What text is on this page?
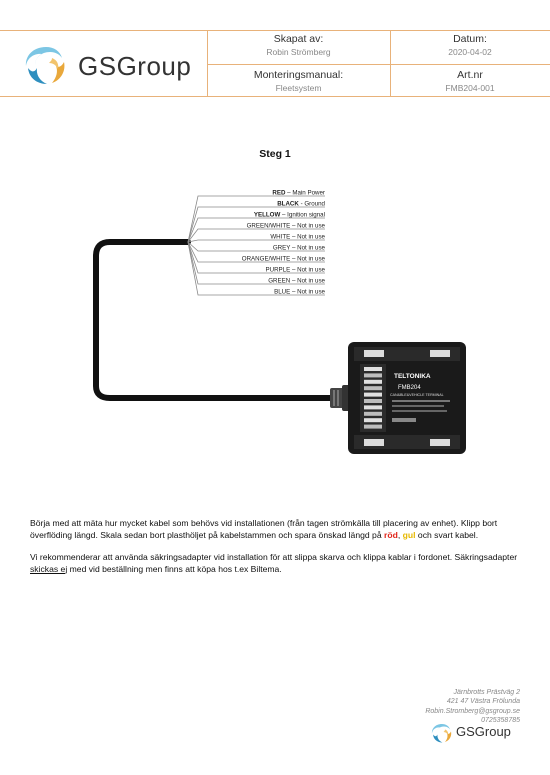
Skapat av:
Robin Strömberg
Datum:
2020-04-02
Monteringsmanual:
Fleetsystem
Art.nr
FMB204-001
GSGroup
Steg 1
RED – Main Power
BLACK - Ground
YELLOW – Ignition signal
GREEN/WHITE – Not in use
WHITE – Not in use
GREY – Not in use
ORANGE/WHITE – Not in use
PURPLE – Not in use
GREEN – Not in use
BLUE – Not in use
TELTONIKA
FMB204
CAN&BLE&VEHICLE TERMINAL

Börja med att mäta hur mycket kabel som behövs vid installationen (från tagen strömkälla till placering av enhet). Klipp bort överflöding längd. Skala sedan bort plasthöljet på kabelstammen och spara önskad längd på röd, gul och svart kabel.

Vi rekommenderar att använda säkringsadapter vid installation för att slippa skarva och klippa kablar i fordonet. Säkringsadapter skickas ej med vid beställning men finns att köpa hos t.ex Biltema.

Järnbrotts Prästväg 2
421 47 Västra Frölunda
Robin.Stromberg@gsgroup.se
0725358785
GSGroup
